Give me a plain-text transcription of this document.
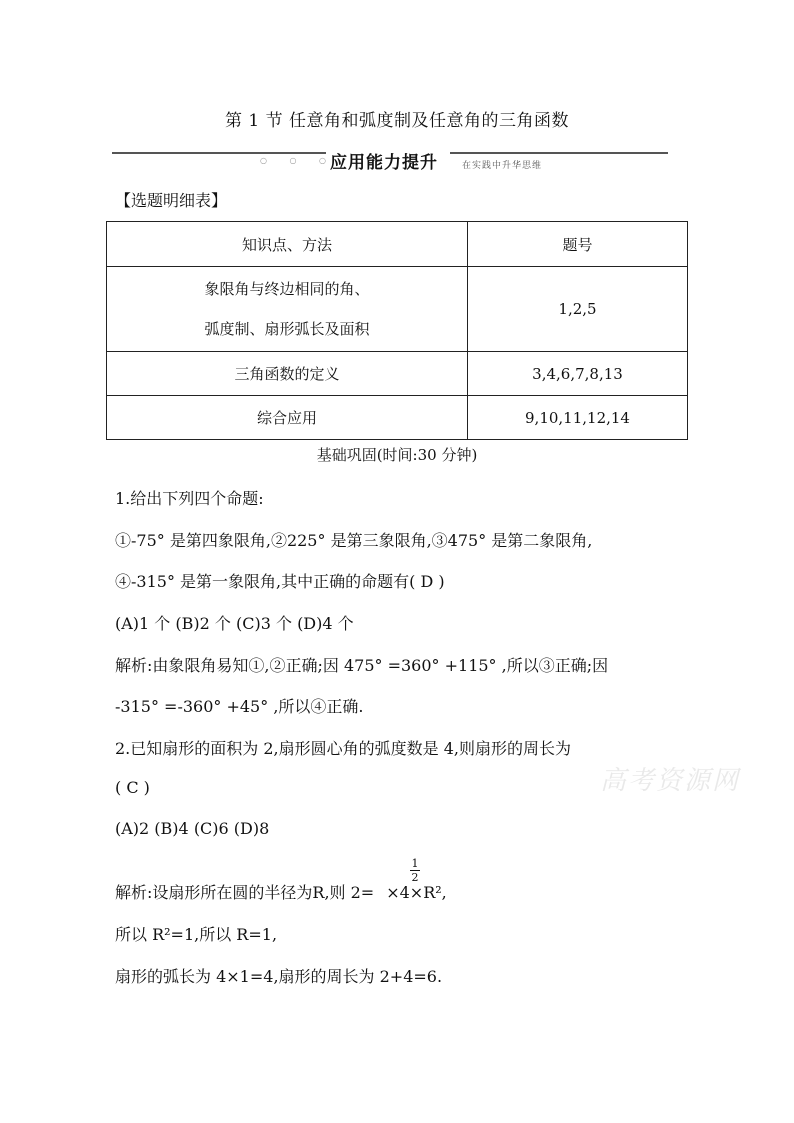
第 1 节 任意角和弧度制及任意角的三角函数
○ ○ ○
应用能力提升	在实践中升华思维
【选题明细表】
知识点、方法	题号

象限角与终边相同的角、
弧度制、扇形弧长及面积	1,2,5
三角函数的定义	3,4,6,7,8,13
综合应用	9,10,11,12,14
基础巩固(时间:30 分钟)
1.给出下列四个命题:
①-75° 是第四象限角,②225° 是第三象限角,③475° 是第二象限角,
④-315° 是第一象限角,其中正确的命题有( D )
(A)1 个 (B)2 个 (C)3 个 (D)4 个
解析:由象限角易知①,②正确;因 475° =360° +115° ,所以③正确;因
-315° =-360° +45° ,所以④正确.
2.已知扇形的面积为 2,扇形圆心角的弧度数是 4,则扇形的周长为
( C )
(A)2 (B)4 (C)6 (D)8
解析:设扇形所在圆的半径为R,则 2= ×4×R²,
1
2
所以 R²=1,所以 R=1,
扇形的弧长为 4×1=4,扇形的周长为 2+4=6.
高考资源网
